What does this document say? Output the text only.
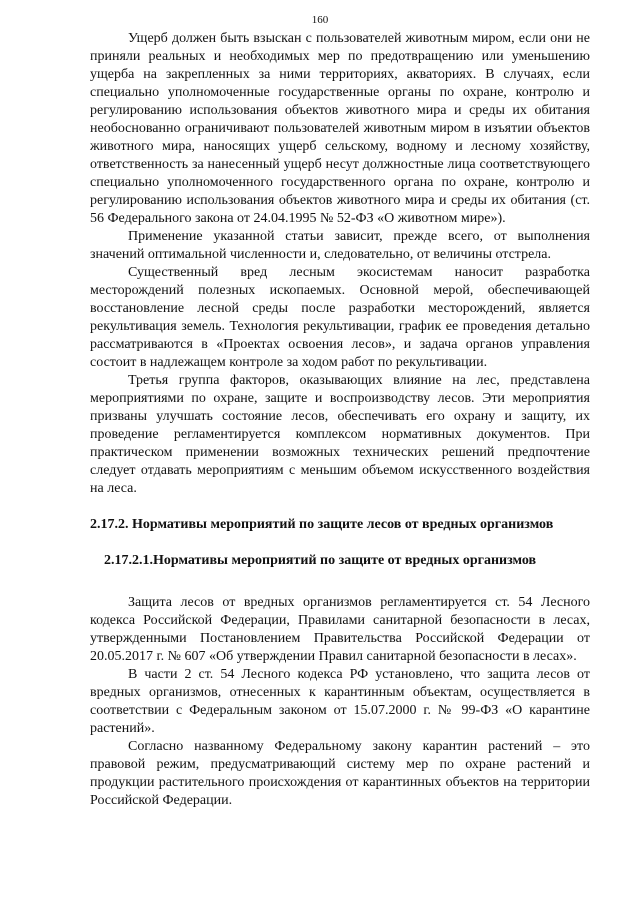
160

Ущерб должен быть взыскан с пользователей животным миром, если они не приняли реальных и необходимых мер по предотвращению или уменьшению ущерба на закрепленных за ними территориях, акваториях. В случаях, если специально уполномоченные государственные органы по охране, контролю и регулированию использования объектов животного мира и среды их обитания необоснованно ограничивают пользователей животным миром в изъятии объектов животного мира, наносящих ущерб сельскому, водному и лесному хозяйству, ответственность за нанесенный ущерб несут должностные лица соответствующего специально уполномоченного государственного органа по охране, контролю и регулированию использования объектов животного мира и среды их обитания (ст. 56 Федерального закона от 24.04.1995 № 52-ФЗ «О животном мире»).

Применение указанной статьи зависит, прежде всего, от выполнения значений оптимальной численности и, следовательно, от величины отстрела.

Существенный вред лесным экосистемам наносит разработка месторождений полезных ископаемых. Основной мерой, обеспечивающей восстановление лесной среды после разработки месторождений, является рекультивация земель. Технология рекультивации, график ее проведения детально рассматриваются в «Проектах освоения лесов», и задача органов управления состоит в надлежащем контроле за ходом работ по рекультивации.

Третья группа факторов, оказывающих влияние на лес, представлена мероприятиями по охране, защите и воспроизводству лесов. Эти мероприятия призваны улучшать состояние лесов, обеспечивать его охрану и защиту, их проведение регламентируется комплексом нормативных документов. При практическом применении возможных технических решений предпочтение следует отдавать мероприятиям с меньшим объемом искусственного воздействия на леса.

2.17.2. Нормативы мероприятий по защите лесов от вредных организмов
2.17.2.1.Нормативы мероприятий по защите от вредных организмов

Защита лесов от вредных организмов регламентируется ст. 54 Лесного кодекса Российской Федерации, Правилами санитарной безопасности в лесах, утвержденными Постановлением Правительства Российской Федерации от 20.05.2017 г. № 607 «Об утверждении Правил санитарной безопасности в лесах».

В части 2 ст. 54 Лесного кодекса РФ установлено, что защита лесов от вредных организмов, отнесенных к карантинным объектам, осуществляется в соответствии с Федеральным законом от 15.07.2000 г. № 99-ФЗ «О карантине растений».

Согласно названному Федеральному закону карантин растений – это правовой режим, предусматривающий систему мер по охране растений и продукции растительного происхождения от карантинных объектов на территории Российской Федерации.
